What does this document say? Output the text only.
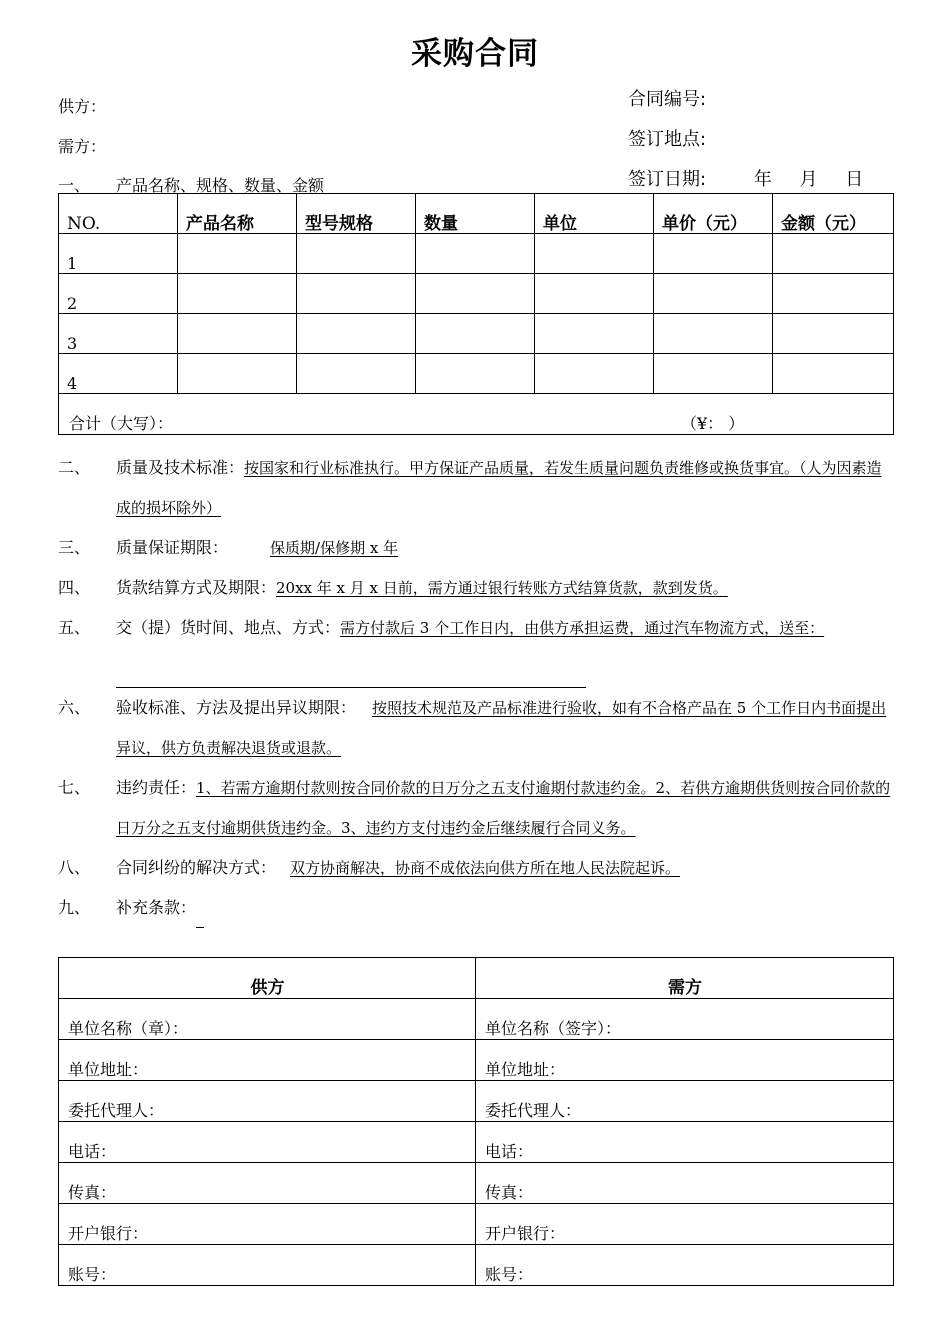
采购合同
供方：
需方：
合同编号:
签订地点:
签订日期:	年 月 日
一、 产品名称、规格、数量、金额
NO.	产品名称	型号规格	数量	单位	单价（元）	金额（元）
1						
2						
3						
4						

合计（大写）： （¥： ）						
二、 质量及技术标准：按国家和行业标准执行。甲方保证产品质量，若发生质量问题负责维修或换货事宜。（人为因素造成的损坏除外）
三、 质量保证期限：	保质期/保修期 x 年
四、 货款结算方式及期限：20xx 年 x 月 x 日前，需方通过银行转账方式结算货款，款到发货。
五、 交（提）货时间、地点、方式：需方付款后 3 个工作日内，由供方承担运费，通过汽车物流方式，送至：
六、 验收标准、方法及提出异议期限： 按照技术规范及产品标准进行验收，如有不合格产品在 5 个工作日内书面提出异议，供方负责解决退货或退款。
七、 违约责任：1、若需方逾期付款则按合同价款的日万分之五支付逾期付款违约金。2、若供方逾期供货则按合同价款的日万分之五支付逾期供货违约金。3、违约方支付违约金后继续履行合同义务。
八、 合同纠纷的解决方式： 双方协商解决，协商不成依法向供方所在地人民法院起诉。
九、 补充条款：
供方	需方
单位名称（章）：	单位名称（签字）：
单位地址：	单位地址：
委托代理人：	委托代理人：
电话：	电话：
传真：	传真：
开户银行：	开户银行：
账号：	账号：
